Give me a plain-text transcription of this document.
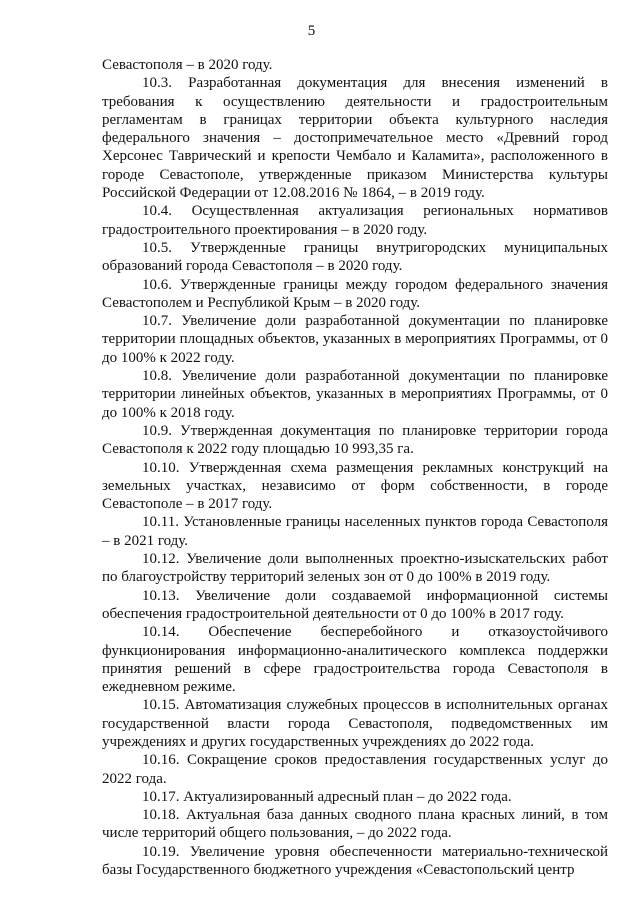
5

Севастополя – в 2020 году.

10.3. Разработанная документация для внесения изменений в требования к осуществлению деятельности и градостроительным регламентам в границах территории объекта культурного наследия федерального значения – достопримечательное место «Древний город Херсонес Таврический и крепости Чембало и Каламита», расположенного в городе Севастополе, утвержденные приказом Министерства культуры Российской Федерации от 12.08.2016 № 1864, – в 2019 году.

10.4. Осуществленная актуализация региональных нормативов градостроительного проектирования – в 2020 году.

10.5. Утвержденные границы внутригородских муниципальных образований города Севастополя – в 2020 году.

10.6. Утвержденные границы между городом федерального значения Севастополем и Республикой Крым – в 2020 году.

10.7. Увеличение доли разработанной документации по планировке территории площадных объектов, указанных в мероприятиях Программы, от 0 до 100% к 2022 году.

10.8. Увеличение доли разработанной документации по планировке территории линейных объектов, указанных в мероприятиях Программы, от 0 до 100% к 2018 году.

10.9. Утвержденная документация по планировке территории города Севастополя к 2022 году площадью 10 993,35 га.

10.10. Утвержденная схема размещения рекламных конструкций на земельных участках, независимо от форм собственности, в городе Севастополе – в 2017 году.

10.11. Установленные границы населенных пунктов города Севастополя – в 2021 году.

10.12. Увеличение доли выполненных проектно-изыскательских работ по благоустройству территорий зеленых зон от 0 до 100% в 2019 году.

10.13. Увеличение доли создаваемой информационной системы обеспечения градостроительной деятельности от 0 до 100% в 2017 году.

10.14. Обеспечение бесперебойного и отказоустойчивого функционирования информационно-аналитического комплекса поддержки принятия решений в сфере градостроительства города Севастополя в ежедневном режиме.

10.15. Автоматизация служебных процессов в исполнительных органах государственной власти города Севастополя, подведомственных им учреждениях и других государственных учреждениях до 2022 года.

10.16. Сокращение сроков предоставления государственных услуг до 2022 года.

10.17. Актуализированный адресный план – до 2022 года.

10.18. Актуальная база данных сводного плана красных линий, в том числе территорий общего пользования, – до 2022 года.

10.19. Увеличение уровня обеспеченности материально-технической базы Государственного бюджетного учреждения «Севастопольский центр
